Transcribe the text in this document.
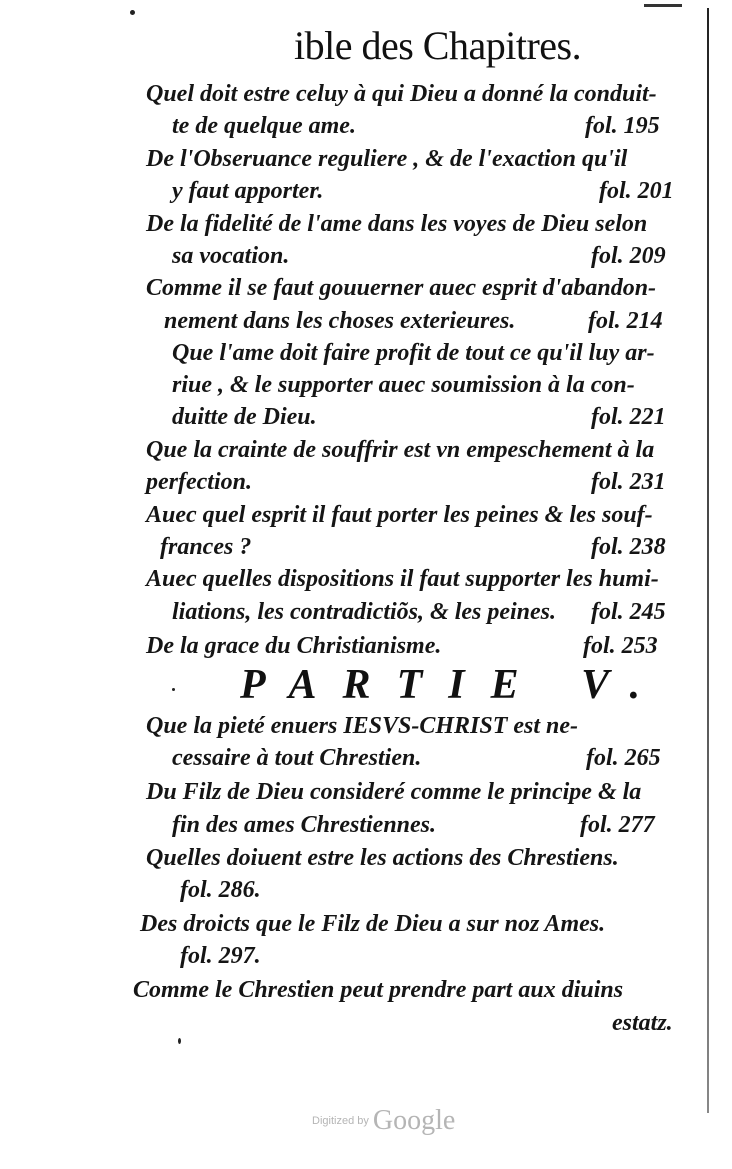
ible des Chapitres.
Quel doit estre celuy à qui Dieu a donné la conduit-
te de quelque ame.	fol. 195
De l'Obseruance reguliere , & de l'exaction qu'il
y faut apporter.	fol. 201
De la fidelité de l'ame dans les voyes de Dieu selon
sa vocation.	fol. 209
Comme il se faut gouuerner auec esprit d'abandon-
nement dans les choses exterieures.	fol. 214
Que l'ame doit faire profit de tout ce qu'il luy ar-
riue , & le supporter auec soumission à la con-
duitte de Dieu.	fol. 221
Que la crainte de souffrir est vn empeschement à la
perfection.	fol. 231
Auec quel esprit il faut porter les peines & les souf-
frances ?	fol. 238
Auec quelles dispositions il faut supporter les humi-
liations, les contradictiõs, & les peines. fol. 245
De la grace du Christianisme.	fol. 253
PARTIE V.
Que la pieté enuers IESVS-CHRIST est ne-
cessaire à tout Chrestien.	fol. 265
Du Filz de Dieu consideré comme le principe & la
fin des ames Chrestiennes.	fol. 277
Quelles doiuent estre les actions des Chrestiens.
fol. 286.
Des droicts que le Filz de Dieu a sur noz Ames.
fol. 297.
Comme le Chrestien peut prendre part aux diuins
estatz.
Digitized by Google
